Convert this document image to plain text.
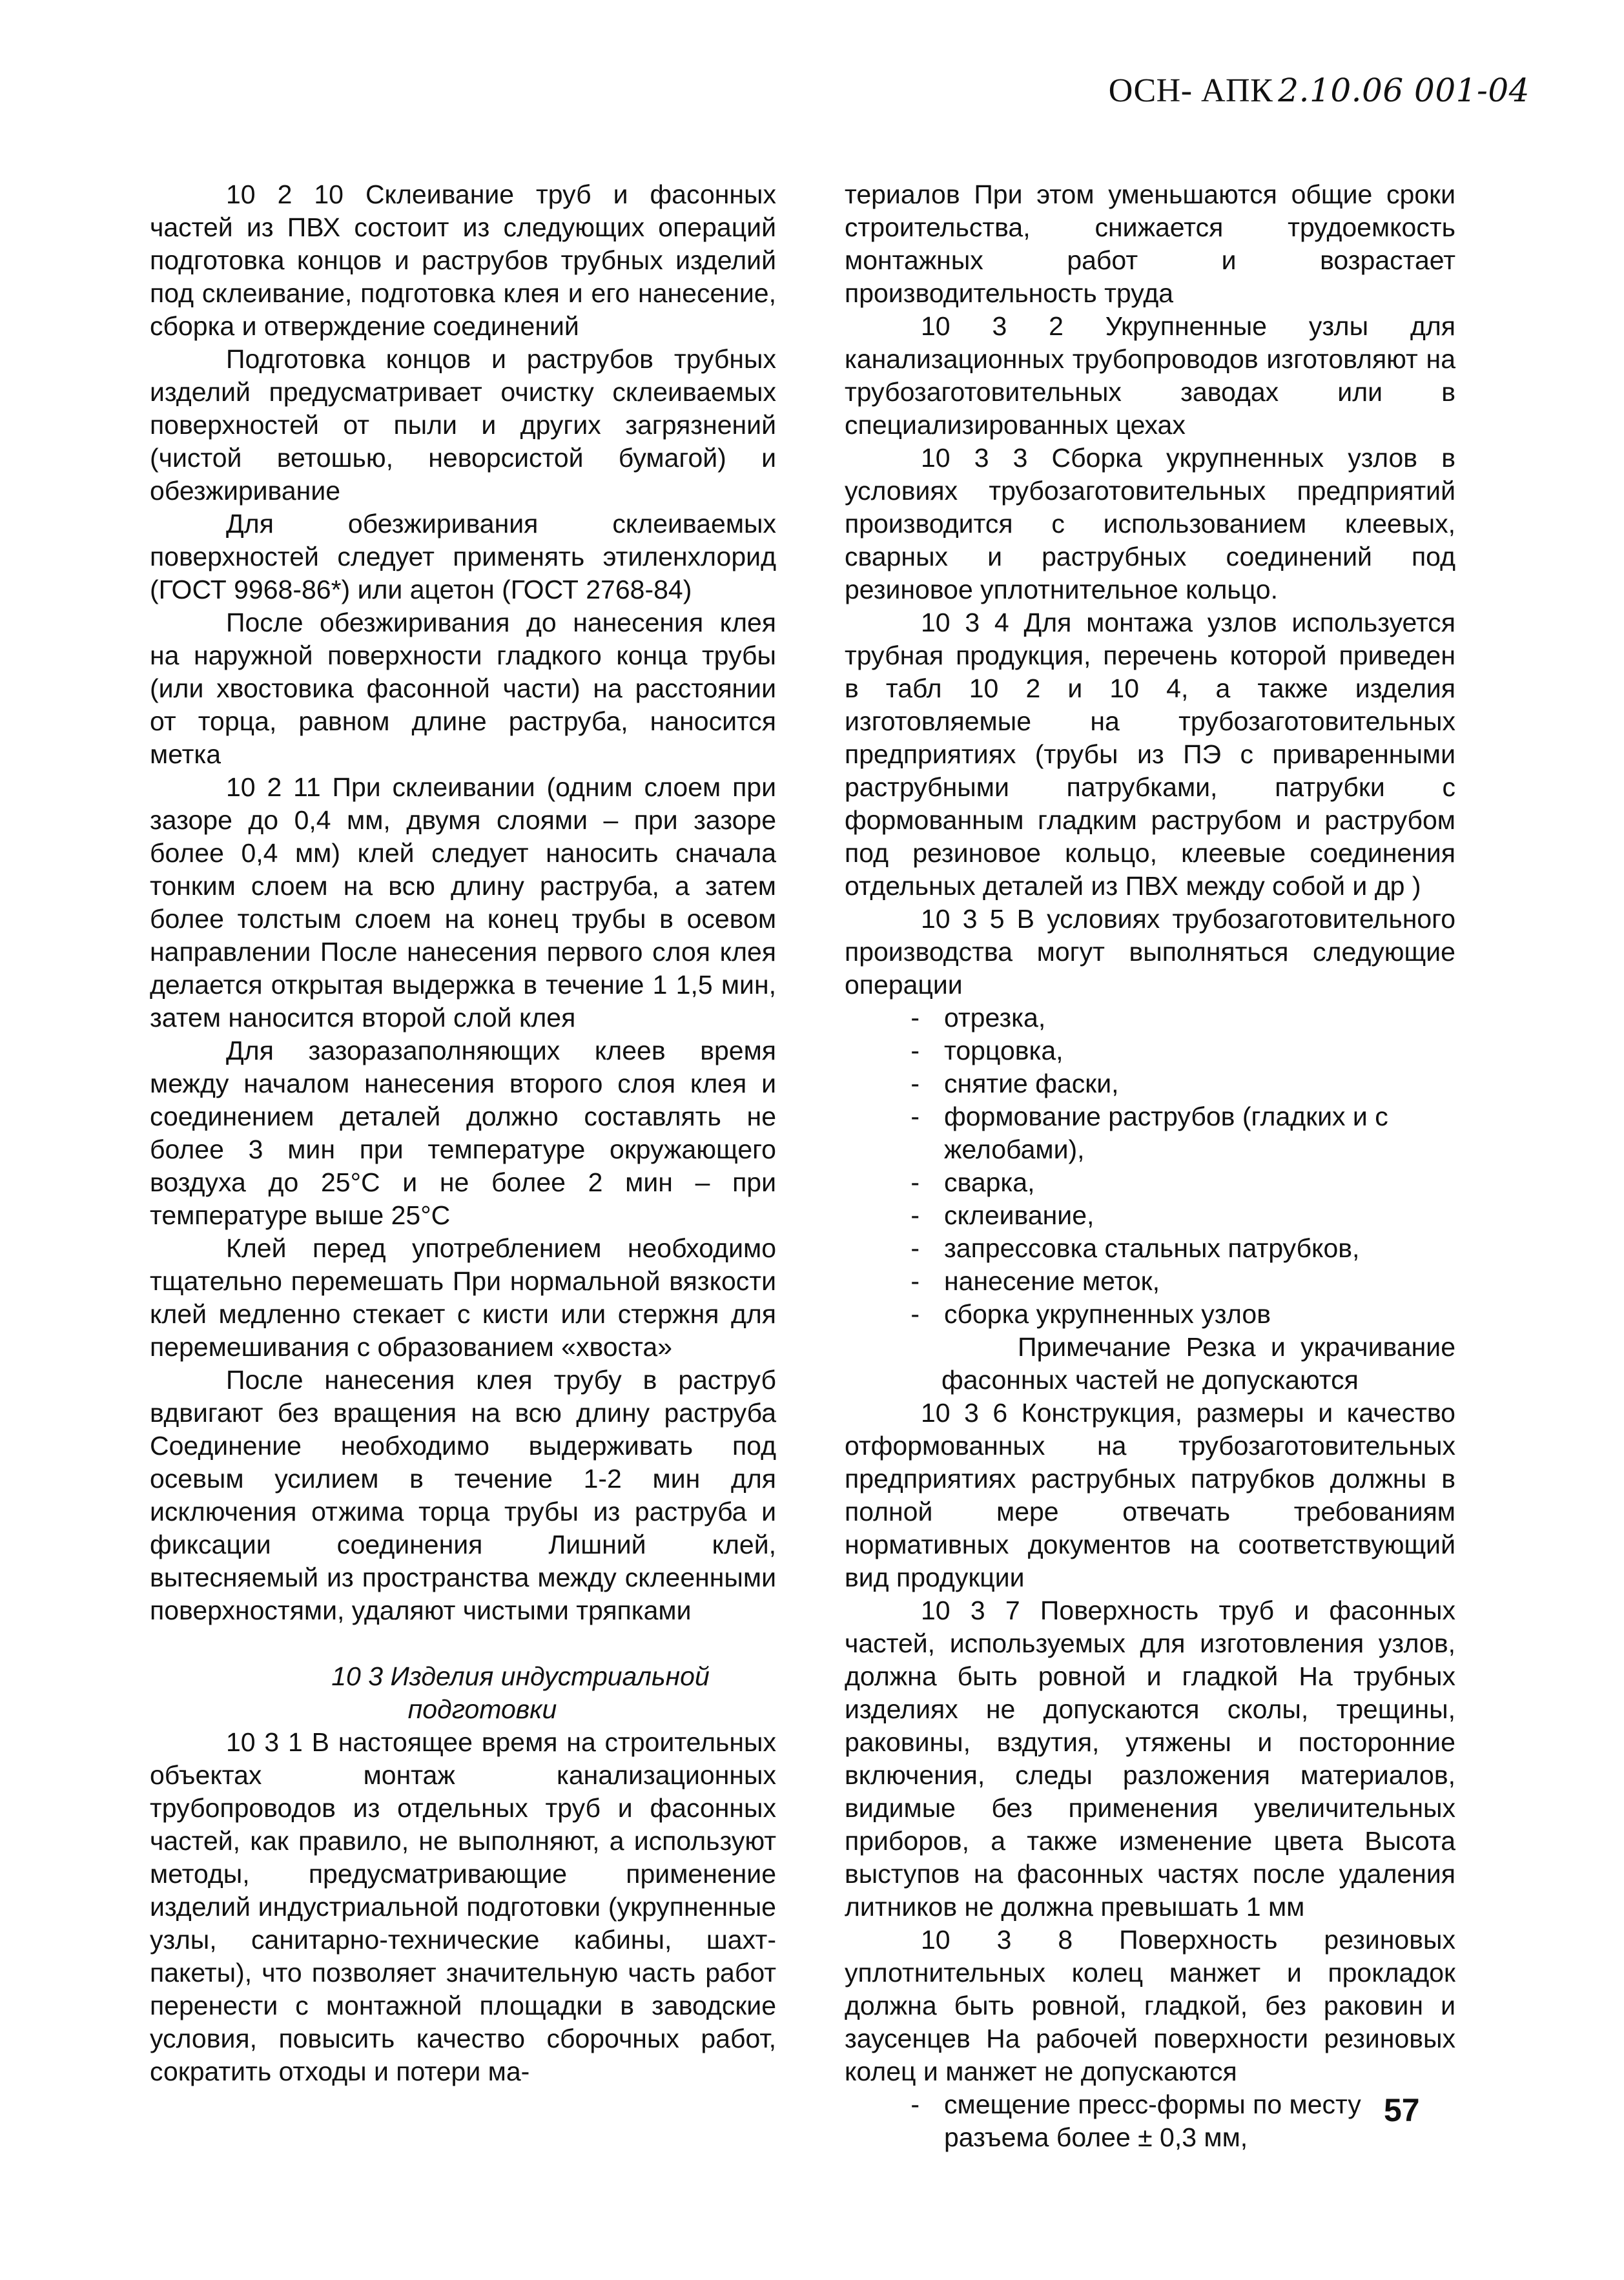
ОСН- АПК 2.10.06 001-04

10 2 10 Склеивание труб и фасонных частей из ПВХ состоит из следующих операций подготовка концов и раструбов трубных изделий под склеивание, подготовка клея и его нанесение, сборка и отверждение соединений

Подготовка концов и раструбов трубных изделий предусматривает очистку склеиваемых поверхностей от пыли и других загрязнений (чистой ветошью, неворсистой бумагой) и обезжиривание

Для обезжиривания склеиваемых поверхностей следует применять этиленхлорид (ГОСТ 9968-86*) или ацетон (ГОСТ 2768-84)

После обезжиривания до нанесения клея на наружной поверхности гладкого конца трубы (или хвостовика фасонной части) на расстоянии от торца, равном длине раструба, наносится метка

10 2 11 При склеивании (одним слоем при зазоре до 0,4 мм, двумя слоями – при зазоре более 0,4 мм) клей следует наносить сначала тонким слоем на всю длину раструба, а затем более толстым слоем на конец трубы в осевом направлении После нанесения первого слоя клея делается открытая выдержка в течение 1 1,5 мин, затем наносится второй слой клея

Для зазоразаполняющих клеев время между началом нанесения второго слоя клея и соединением деталей должно составлять не более 3 мин при температуре окружающего воздуха до 25°С и не более 2 мин – при температуре выше 25°С

Клей перед употреблением необходимо тщательно перемешать При нормальной вязкости клей медленно стекает с кисти или стержня для перемешивания с образованием «хвоста»

После нанесения клея трубу в раструб вдвигают без вращения на всю длину раструба Соединение необходимо выдерживать под осевым усилием в течение 1-2 мин для исключения отжима торца трубы из раструба и фиксации соединения Лишний клей, вытесняемый из пространства между склеенными поверхностями, удаляют чистыми тряпками

10 3 Изделия индустриальной подготовки

10 3 1 В настоящее время на строительных объектах монтаж канализационных трубопроводов из отдельных труб и фасонных частей, как правило, не выполняют, а используют методы, предусматривающие применение изделий индустриальной подготовки (укрупненные узлы, санитарно-технические кабины, шахт-пакеты), что позволяет значительную часть работ перенести с монтажной площадки в заводские условия, повысить качество сборочных работ, сократить отходы и потери ма-

териалов При этом уменьшаются общие сроки строительства, снижается трудоемкость монтажных работ и возрастает производительность труда

10 3 2 Укрупненные узлы для канализационных трубопроводов изготовляют на трубозаготовительных заводах или в специализированных цехах

10 3 3 Сборка укрупненных узлов в условиях трубозаготовительных предприятий производится с использованием клеевых, сварных и раструбных соединений под резиновое уплотнительное кольцо.

10 3 4 Для монтажа узлов используется трубная продукция, перечень которой приведен в табл 10 2 и 10 4, а также изделия изготовляемые на трубозаготовительных предприятиях (трубы из ПЭ с приваренными раструбными патрубками, патрубки с формованным гладким раструбом и раструбом под резиновое кольцо, клеевые соединения отдельных деталей из ПВХ между собой и др )

10 3 5 В условиях трубозаготовительного производства могут выполняться следующие операции

- отрезка,
- торцовка,
- снятие фаски,
- формование раструбов (гладких и с желобами),
- сварка,
- склеивание,
- запрессовка стальных патрубков,
- нанесение меток,
- сборка укрупненных узлов

Примечание Резка и украчивание фасонных частей не допускаются

10 3 6 Конструкция, размеры и качество отформованных на трубозаготовительных предприятиях раструбных патрубков должны в полной мере отвечать требованиям нормативных документов на соответствующий вид продукции

10 3 7 Поверхность труб и фасонных частей, используемых для изготовления узлов, должна быть ровной и гладкой На трубных изделиях не допускаются сколы, трещины, раковины, вздутия, утяжены и посторонние включения, следы разложения материалов, видимые без применения увеличительных приборов, а также изменение цвета Высота выступов на фасонных частях после удаления литников не должна превышать 1 мм

10 3 8 Поверхность резиновых уплотнительных колец манжет и прокладок должна быть ровной, гладкой, без раковин и заусенцев На рабочей поверхности резиновых колец и манжет не допускаются

- смещение пресс-формы по месту разъема более ± 0,3 мм,
57
